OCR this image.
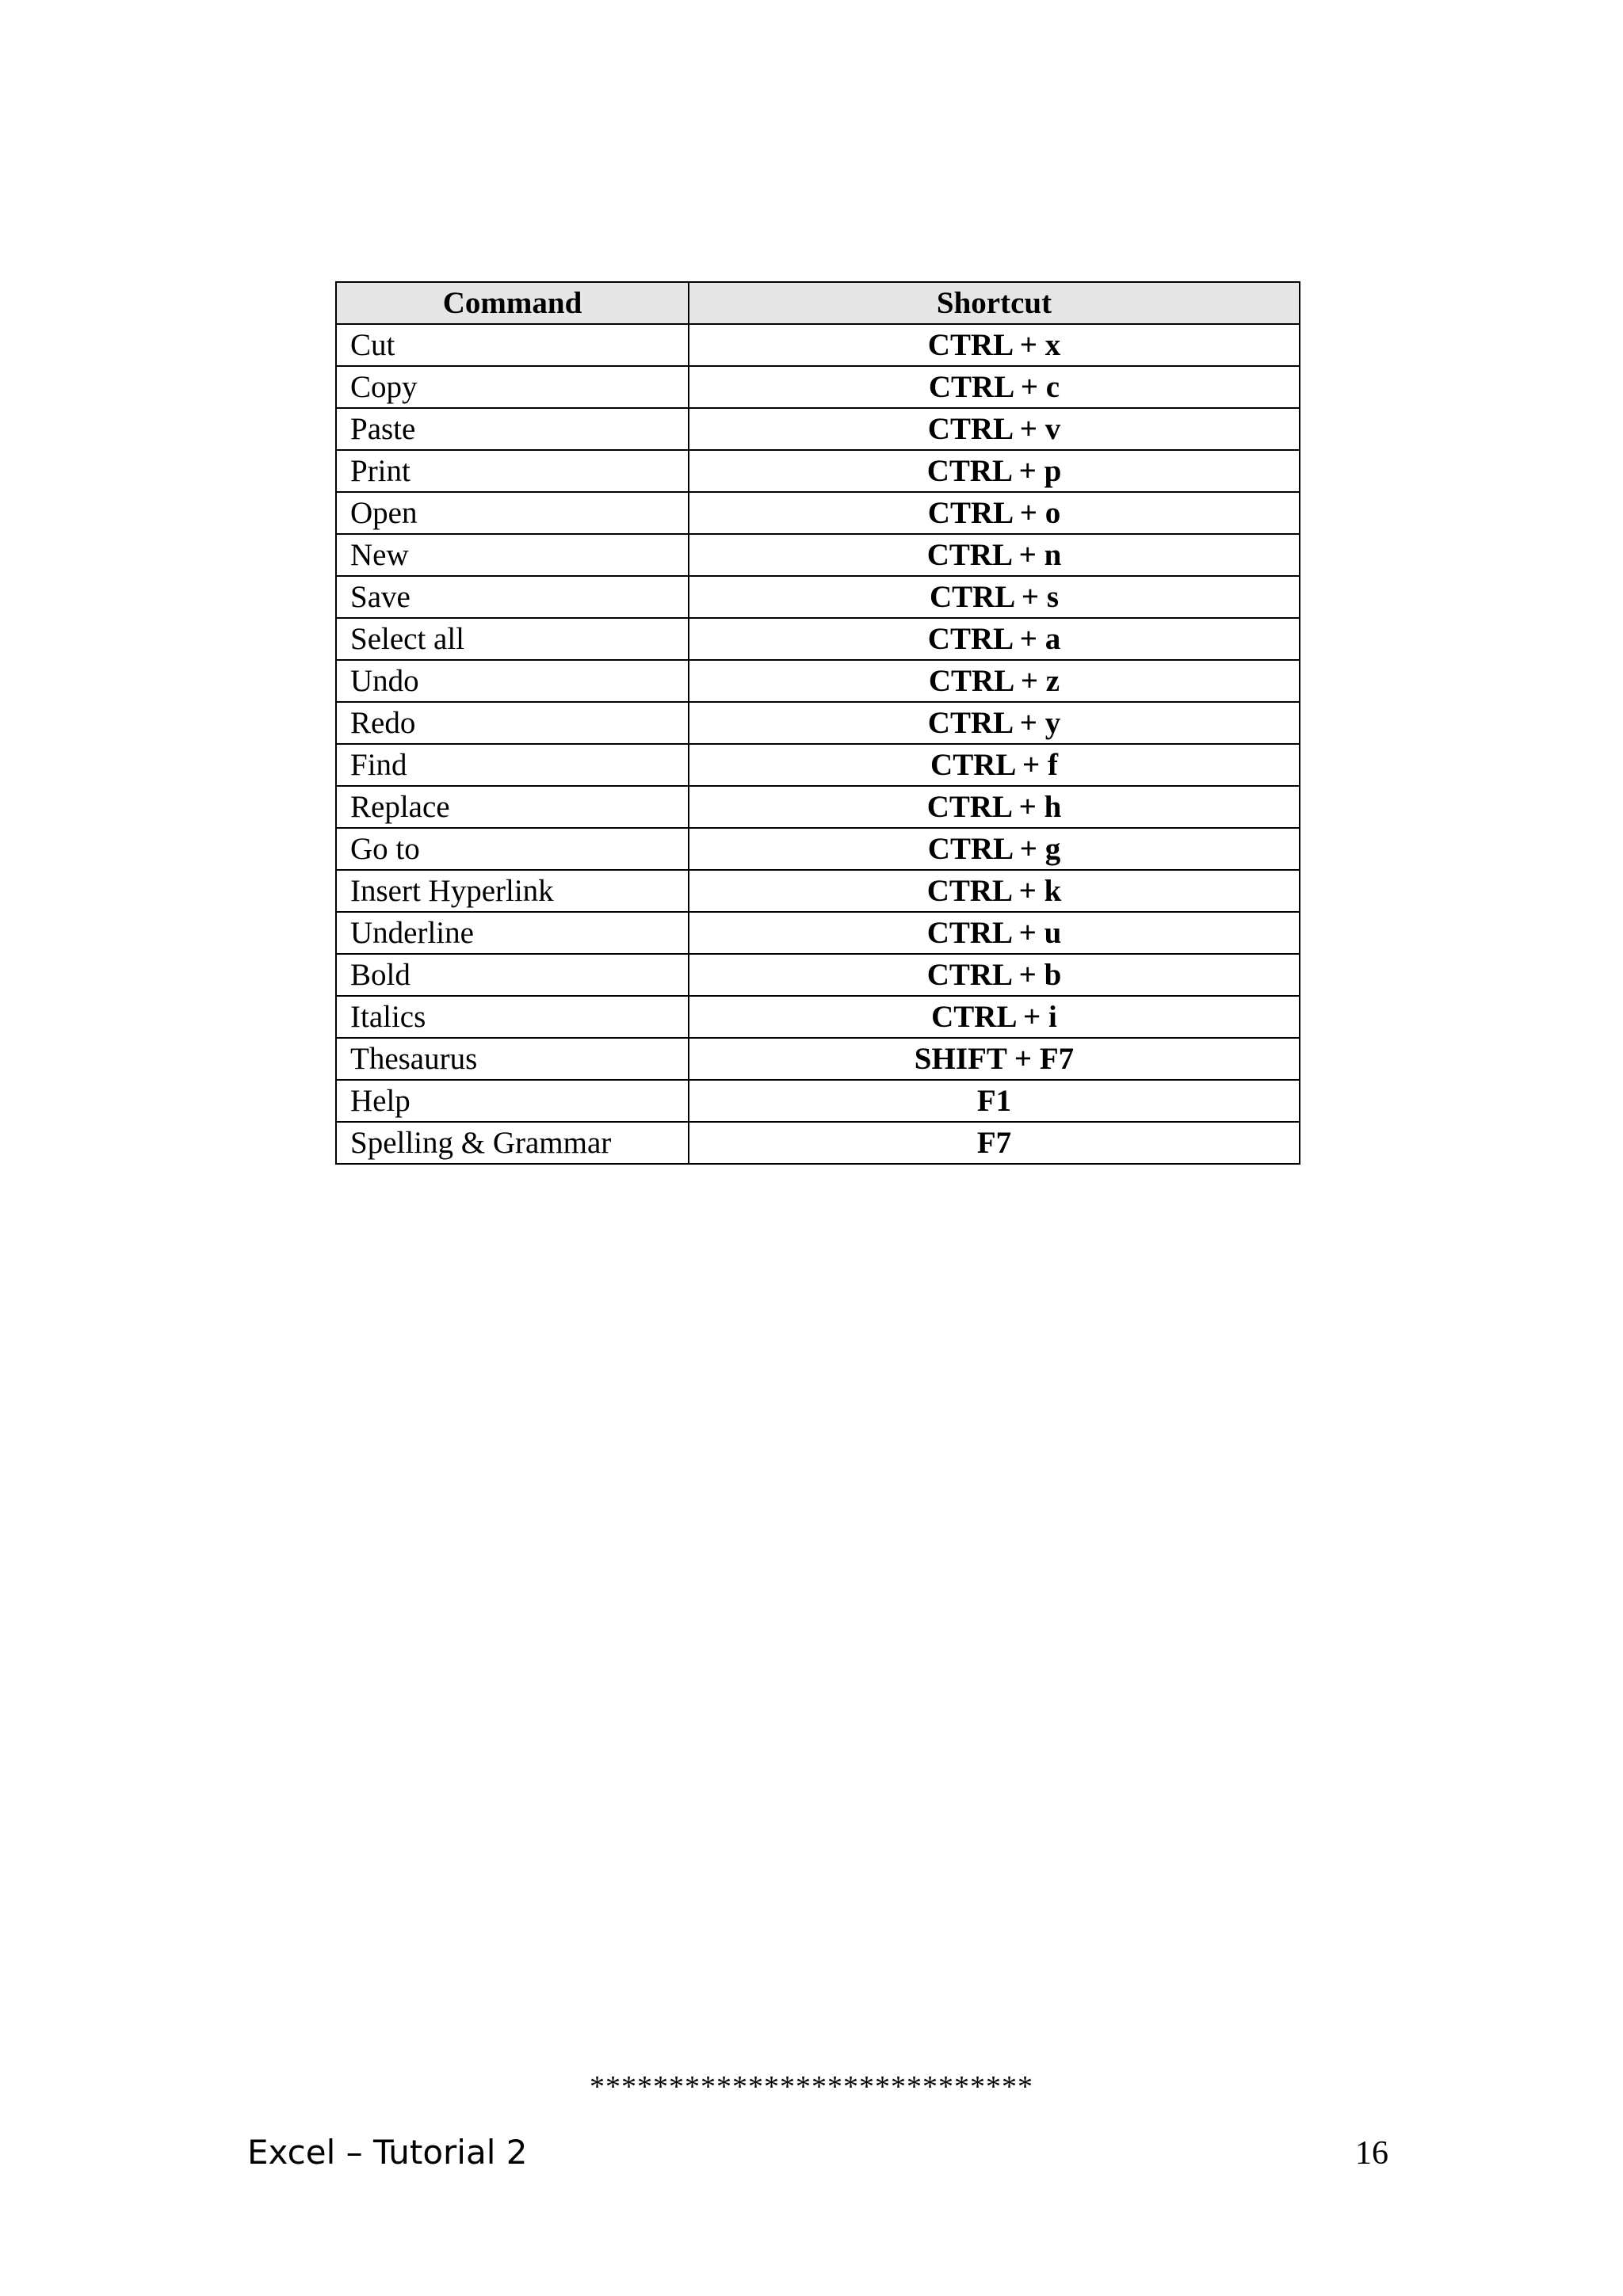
Command	Shortcut
Cut	CTRL + x
Copy	CTRL + c
Paste	CTRL + v
Print	CTRL + p
Open	CTRL + o
New	CTRL + n
Save	CTRL + s
Select all	CTRL + a
Undo	CTRL + z
Redo	CTRL + y
Find	CTRL + f
Replace	CTRL + h
Go to	CTRL + g
Insert Hyperlink	CTRL + k
Underline	CTRL + u
Bold	CTRL + b
Italics	CTRL + i
Thesaurus	SHIFT + F7
Help	F1
Spelling & Grammar	F7
****************************
Excel – Tutorial 2	16
